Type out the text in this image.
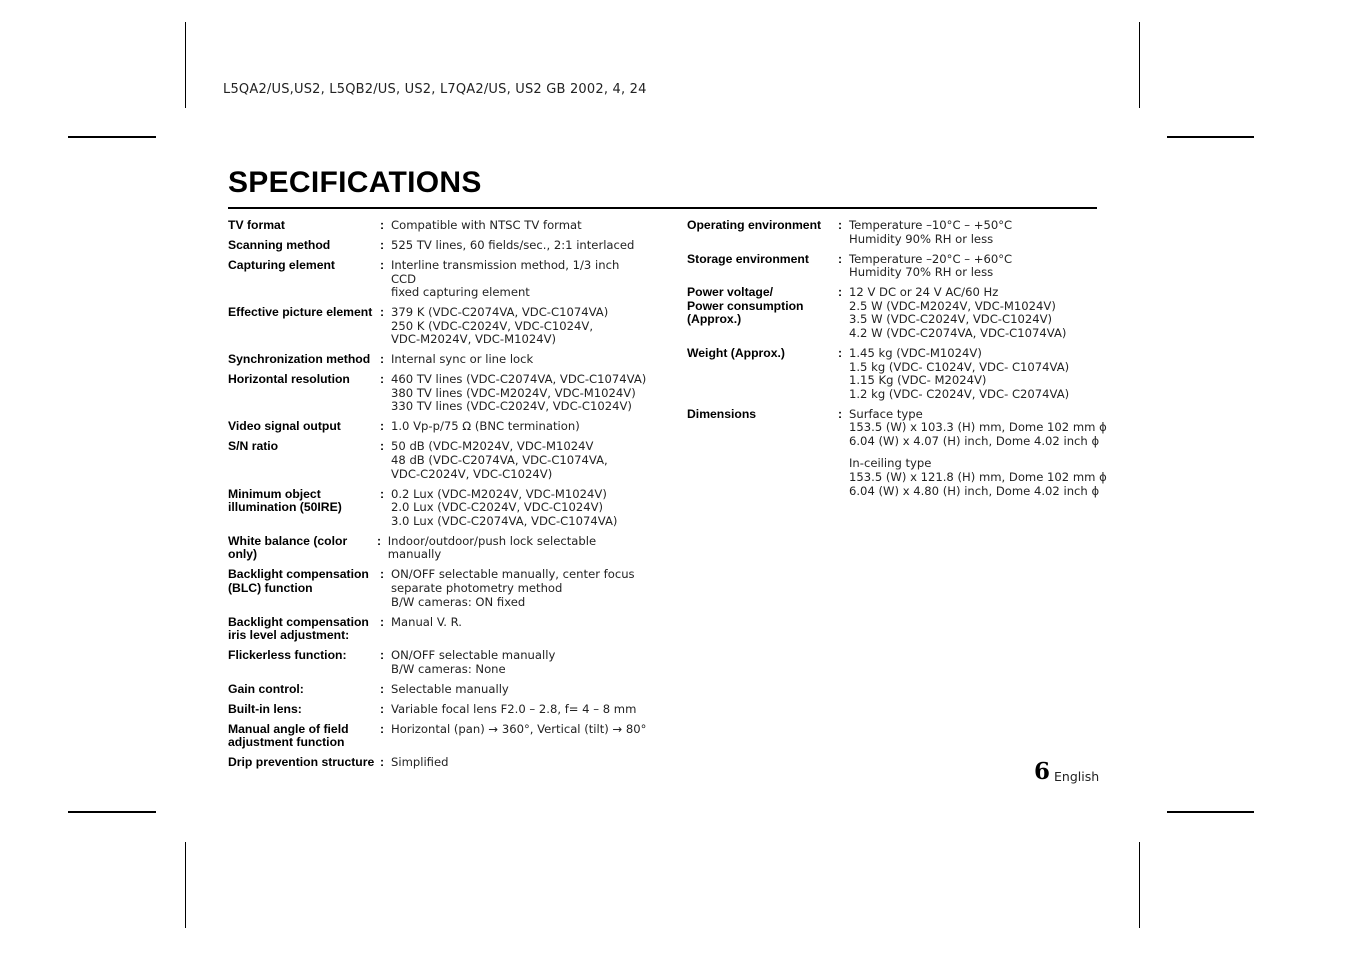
L5QA2/US,US2, L5QB2/US, US2, L7QA2/US, US2 GB 2002, 4, 24
SPECIFICATIONS
TV format	: Compatible with NTSC TV format
Scanning method	: 525 TV lines, 60 fields/sec., 2:1 interlaced
Capturing element	: Interline transmission method, 1/3 inch CCD
fixed capturing element
Effective picture element : 379 K (VDC-C2074VA, VDC-C1074VA)
250 K (VDC-C2024V, VDC-C1024V,
VDC-M2024V, VDC-M1024V)
Synchronization method : Internal sync or line lock
Horizontal resolution	: 460 TV lines (VDC-C2074VA, VDC-C1074VA)
380 TV lines (VDC-M2024V, VDC-M1024V)
330 TV lines (VDC-C2024V, VDC-C1024V)
Video signal output	: 1.0 Vp-p/75 Ω (BNC termination)
S/N ratio	: 50 dB (VDC-M2024V, VDC-M1024V
48 dB (VDC-C2074VA, VDC-C1074VA,
VDC-C2024V, VDC-C1024V)
Minimum object
illumination (50IRE)
: 0.2 Lux (VDC-M2024V, VDC-M1024V)
2.0 Lux (VDC-C2024V, VDC-C1024V)
3.0 Lux (VDC-C2074VA, VDC-C1074VA)
White balance (color only)
: Indoor/outdoor/push lock selectable manually
Backlight compensation
(BLC) function
: ON/OFF selectable manually, center focus
separate photometry method
B/W cameras: ON fixed
Backlight compensation
iris level adjustment:
: Manual V. R.
Flickerless function:	: ON/OFF selectable manually
B/W cameras: None
Gain control:	: Selectable manually
Built-in lens:	: Variable focal lens F2.0 – 2.8, f= 4 – 8 mm
Manual angle of field
adjustment function
: Horizontal (pan) → 360°, Vertical (tilt) → 80°
Drip prevention structure : Simplified
Operating environment	: Temperature –10°C – +50°C
Humidity 90% RH or less
Storage environment	: Temperature –20°C – +60°C
Humidity 70% RH or less
Power voltage/
Power consumption
(Approx.)
: 12 V DC or 24 V AC/60 Hz
2.5 W (VDC-M2024V, VDC-M1024V)
3.5 W (VDC-C2024V, VDC-C1024V)
4.2 W (VDC-C2074VA, VDC-C1074VA)
Weight (Approx.)	: 1.45 kg (VDC-M1024V)
1.5 kg (VDC- C1024V, VDC- C1074VA)
1.15 Kg (VDC- M2024V)
1.2 kg (VDC- C2024V, VDC- C2074VA)
Dimensions	: Surface type
153.5 (W) x 103.3 (H) mm, Dome 102 mm ϕ
6.04 (W) x 4.07 (H) inch, Dome 4.02 inch ϕ
In-ceiling type
153.5 (W) x 121.8 (H) mm, Dome 102 mm ϕ
6.04 (W) x 4.80 (H) inch, Dome 4.02 inch ϕ
6 English
